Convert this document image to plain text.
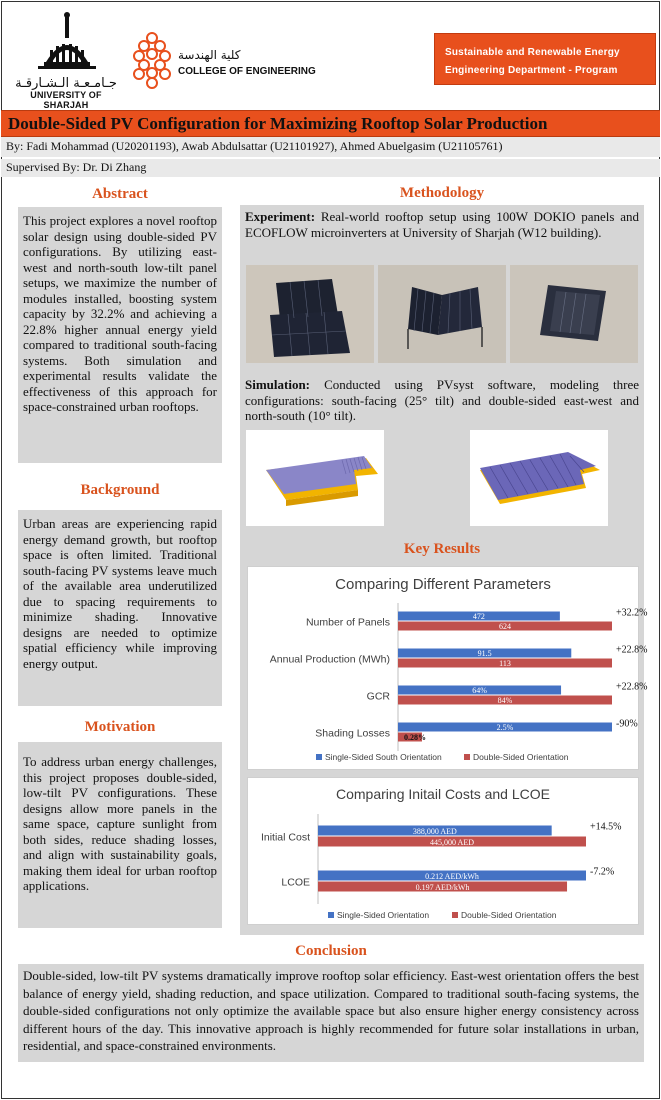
جـامـعـة الـشـارقـة
UNIVERSITY OF SHARJAH
كلية الهندسة
COLLEGE OF ENGINEERING
Sustainable and Renewable Energy
Engineering Department - Program
Double-Sided PV Configuration for Maximizing Rooftop Solar Production
By: Fadi Mohammad (U20201193), Awab Abdulsattar (U21101927), Ahmed Abuelgasim (U21105761)
Supervised By: Dr. Di Zhang
Abstract

This project explores a novel rooftop solar design using double-sided PV configurations. By utilizing east-west and north-south low-tilt panel setups, we maximize the number of modules installed, boosting system capacity by 32.2% and achieving a 22.8% higher annual energy yield compared to traditional south-facing systems. Both simulation and experimental results validate the effectiveness of this approach for space-constrained urban rooftops.

Background

Urban areas are experiencing rapid energy demand growth, but rooftop space is often limited. Traditional south-facing PV systems leave much of the available area underutilized due to spacing requirements to minimize shading. Innovative designs are needed to optimize spatial efficiency while improving energy output.

Motivation

To address urban energy challenges, this project proposes double-sided, low-tilt PV configurations. These designs allow more panels in the same space, capture sunlight from both sides, reduce shading losses, and align with sustainability goals, making them ideal for urban rooftop applications.

Methodology
Experiment: Real-world rooftop setup using 100W DOKIO panels and ECOFLOW microinverters at University of Sharjah (W12 building).
Simulation: Conducted using PVsyst software, modeling three configurations: south-facing (25° tilt) and double-sided east-west and north-south (10° tilt).
Key Results
Comparing Different Parameters
Number of Panels	472
624
+32.2%
Annual Production (MWh)	91.5
113
+22.8%
GCR	64%
84%
+22.8%
Shading Losses	2.5%
0.28%
-90%
Single-Sided South Orientation	Double-Sided Orientation
Comparing Initail Costs and LCOE
Initial Cost	388,000 AED
445,000 AED
+14.5%
LCOE	0.212 AED/kWh
0.197 AED/kWh
-7.2%
Single-Sided Orientation	Double-Sided Orientation
Conclusion

Double-sided, low-tilt PV systems dramatically improve rooftop solar efficiency. East-west orientation offers the best balance of energy yield, shading reduction, and space utilization. Compared to traditional south-facing systems, the double-sided configurations not only optimize the available space but also ensure higher energy consistency across different hours of the day. This innovative approach is highly recommended for future solar installations in urban, residential, and space-constrained environments.
